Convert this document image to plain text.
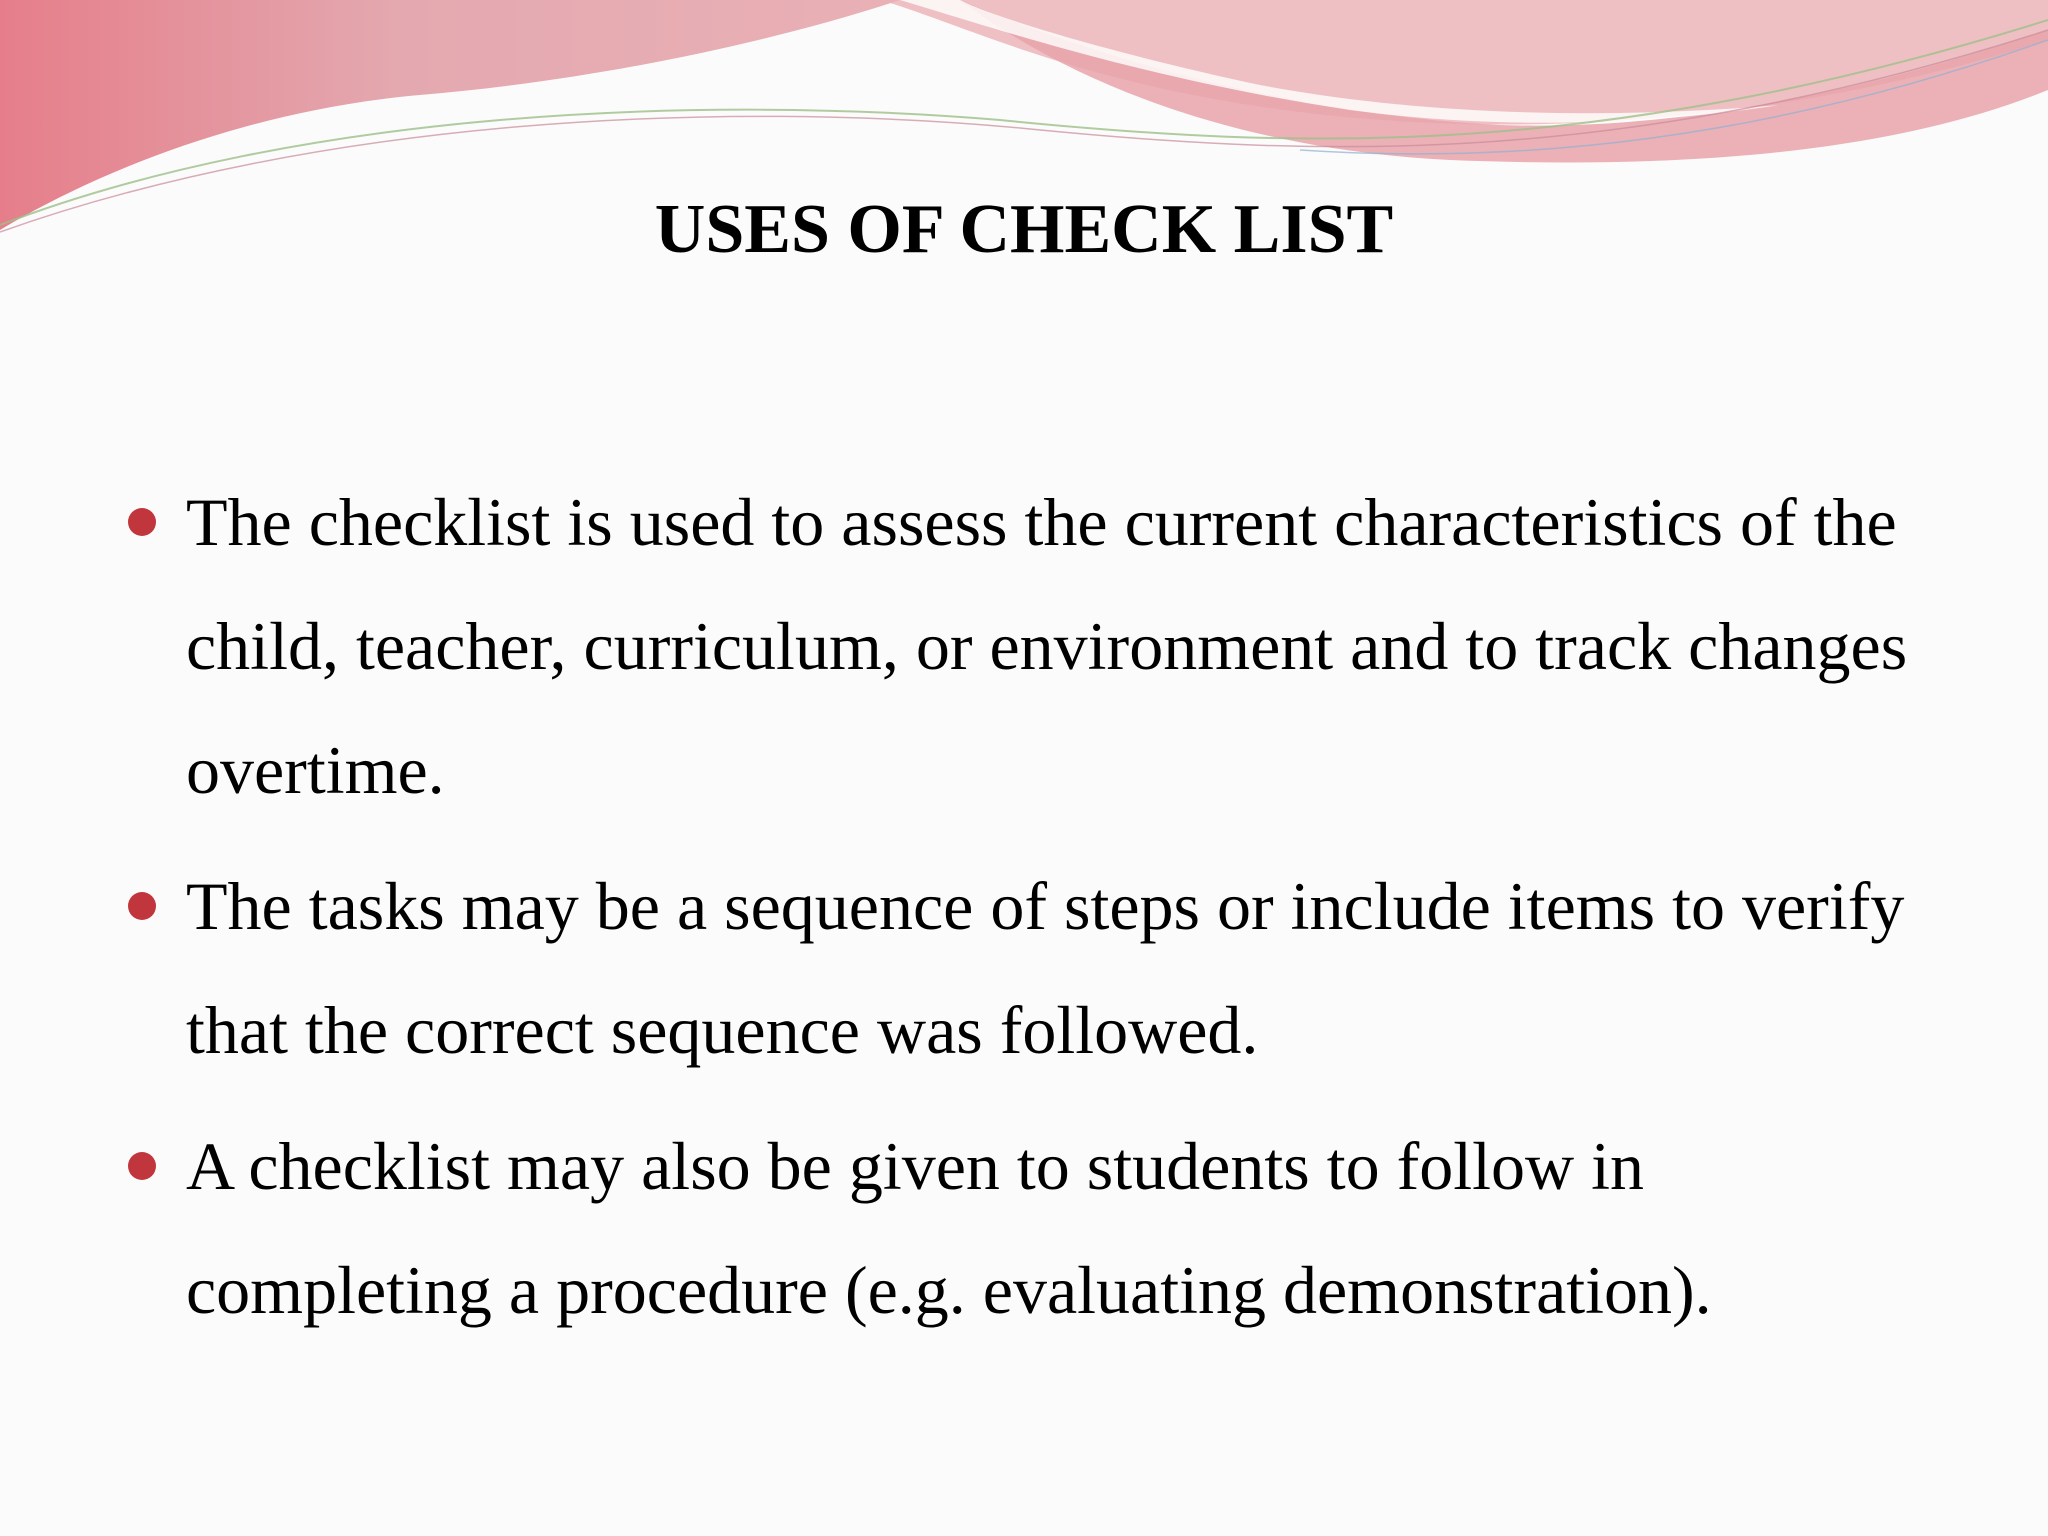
USES OF CHECK LIST
The checklist is used to assess the current characteristics of the child, teacher, curriculum, or environment and to track changes overtime.
The tasks may be a sequence of steps or include items to verify that the correct sequence was followed.
A checklist may also be given to students to follow in completing a procedure (e.g. evaluating demonstration).
